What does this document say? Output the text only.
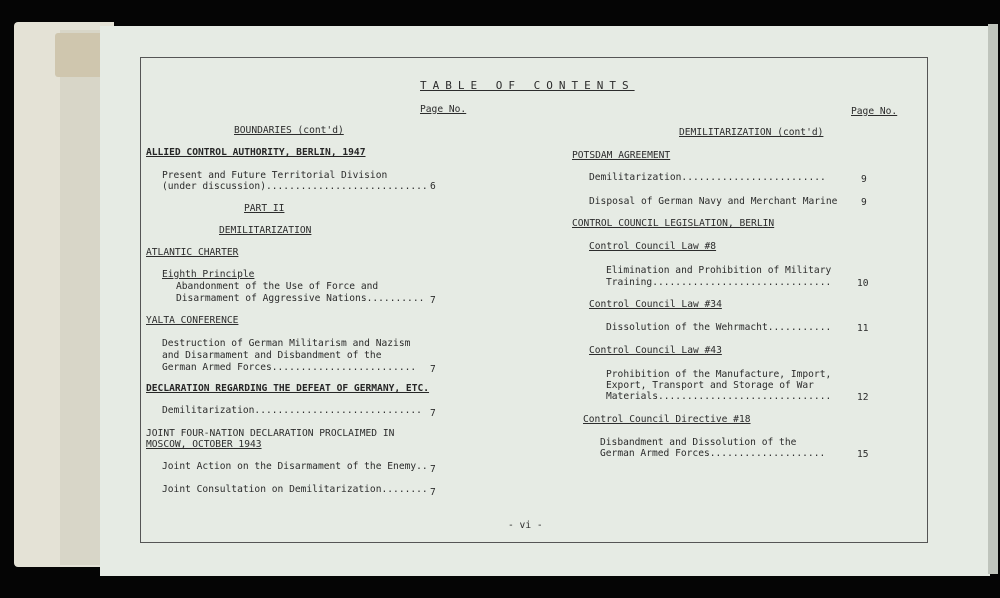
TABLE OF CONTENTS
Page No.	Page No.
BOUNDARIES (cont'd)
ALLIED CONTROL AUTHORITY, BERLIN, 1947
Present and Future Territorial Division
(under discussion)............................ 6
PART II
DEMILITARIZATION
ATLANTIC CHARTER
Eighth Principle
Abandonment of the Use of Force and
Disarmament of Aggressive Nations.......... 7
YALTA CONFERENCE
Destruction of German Militarism and Nazism
and Disarmament and Disbandment of the
German Armed Forces......................... 7
DECLARATION REGARDING THE DEFEAT OF GERMANY, ETC.
Demilitarization............................. 7
JOINT FOUR-NATION DECLARATION PROCLAIMED IN
MOSCOW, OCTOBER 1943
Joint Action on the Disarmament of the Enemy.. 7
Joint Consultation on Demilitarization........ 7
DEMILITARIZATION (cont'd)
POTSDAM AGREEMENT
Demilitarization.........................	9
Disposal of German Navy and Merchant Marine 9
CONTROL COUNCIL LEGISLATION, BERLIN
Control Council Law #8
Elimination and Prohibition of Military
Training...............................	10
Control Council Law #34
Dissolution of the Wehrmacht...........	11
Control Council Law #43
Prohibition of the Manufacture, Import,
Export, Transport and Storage of War
Materials..............................	12
Control Council Directive #18
Disbandment and Dissolution of the
German Armed Forces....................	15
- vi -
